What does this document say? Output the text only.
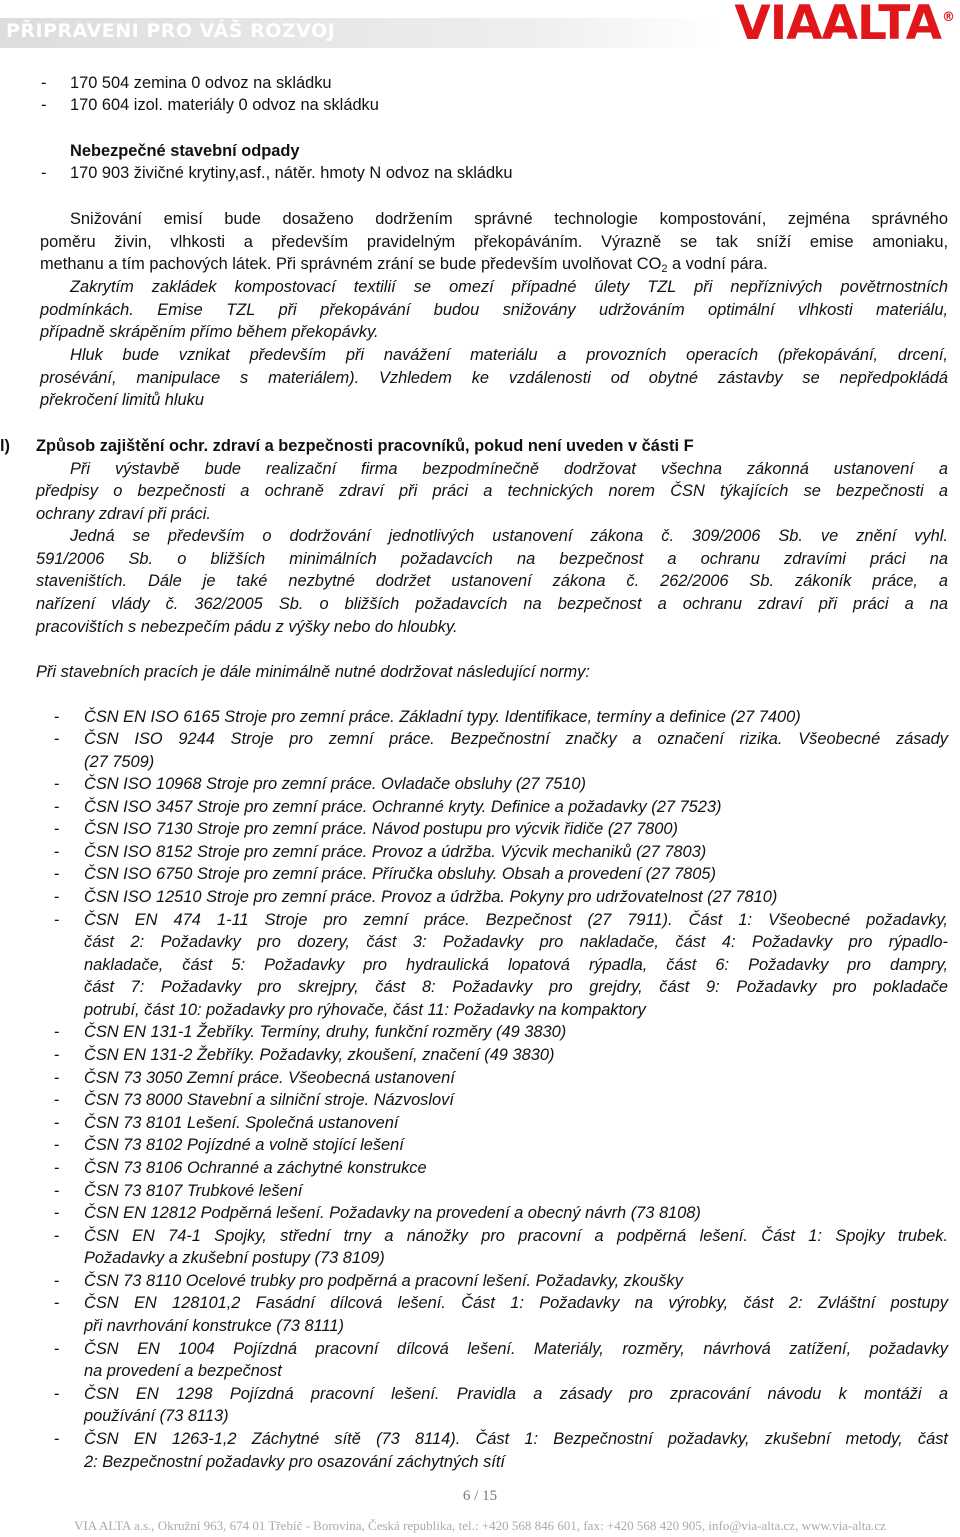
PŘIPRAVENI PRO VÁŠ ROZVOJ	VIAALTA®
- 170 504 zemina 0 odvoz na skládku
- 170 604 izol. materiály 0 odvoz na skládku
Nebezpečné stavební odpady
- 170 903 živičné krytiny,asf., nátěr. hmoty N odvoz na skládku
Snižování emisí bude dosaženo dodržením správné technologie kompostování, zejména správného
poměru živin, vlhkosti a především pravidelným překopáváním. Výrazně se tak sníží emise amoniaku,
methanu a tím pachových látek. Při správném zrání se bude především uvolňovat $CO_2$ a vodní pára.
Zakrytím zakládek kompostovací textilií se omezí případné úlety TZL při nepříznivých povětrnostních
podmínkách. Emise TZL při překopávání budou snižovány udržováním optimální vlhkosti materiálu,
případně skrápěním přímo během překopávky.
Hluk bude vznikat především při navážení materiálu a provozních operacích (překopávání, drcení,
prosévání, manipulace s materiálem). Vzhledem ke vzdálenosti od obytné zástavby se nepředpokládá
překročení limitů hluku
l) Způsob zajištění ochr. zdraví a bezpečnosti pracovníků, pokud není uveden v části F
Při výstavbě bude realizační firma bezpodmínečně dodržovat všechna zákonná ustanovení a
předpisy o bezpečnosti a ochraně zdraví při práci a technických norem ČSN týkajících se bezpečnosti a
ochrany zdraví při práci.
Jedná se především o dodržování jednotlivých ustanovení zákona č. 309/2006 Sb. ve znění vyhl.
591/2006 Sb. o bližších minimálních požadavcích na bezpečnost a ochranu zdravími práci na
staveništích. Dále je také nezbytné dodržet ustanovení zákona č. 262/2006 Sb. zákoník práce, a
nařízení vlády č. 362/2005 Sb. o bližších požadavcích na bezpečnost a ochranu zdraví při práci a na
pracovištích s nebezpečím pádu z výšky nebo do hloubky.
Při stavebních pracích je dále minimálně nutné dodržovat následující normy:
- ČSN EN ISO 6165 Stroje pro zemní práce. Základní typy. Identifikace, termíny a definice (27 7400)
- ČSN ISO 9244 Stroje pro zemní práce. Bezpečnostní značky a označení rizika. Všeobecné zásady
(27 7509)
- ČSN ISO 10968 Stroje pro zemní práce. Ovladače obsluhy (27 7510)
- ČSN ISO 3457 Stroje pro zemní práce. Ochranné kryty. Definice a požadavky (27 7523)
- ČSN ISO 7130 Stroje pro zemní práce. Návod postupu pro výcvik řidiče (27 7800)
- ČSN ISO 8152 Stroje pro zemní práce. Provoz a údržba. Výcvik mechaniků (27 7803)
- ČSN ISO 6750 Stroje pro zemní práce. Příručka obsluhy. Obsah a provedení (27 7805)
- ČSN ISO 12510 Stroje pro zemní práce. Provoz a údržba. Pokyny pro udržovatelnost (27 7810)
- ČSN EN 474 1-11 Stroje pro zemní práce. Bezpečnost (27 7911). Část 1: Všeobecné požadavky,
část 2: Požadavky pro dozery, část 3: Požadavky pro nakladače, část 4: Požadavky pro rýpadlo-
nakladače, část 5: Požadavky pro hydraulická lopatová rýpadla, část 6: Požadavky pro dampry,
část 7: Požadavky pro skrejpry, část 8: Požadavky pro grejdry, část 9: Požadavky pro pokladače
potrubí, část 10: požadavky pro rýhovače, část 11: Požadavky na kompaktory
- ČSN EN 131-1 Žebříky. Termíny, druhy, funkční rozměry (49 3830)
- ČSN EN 131-2 Žebříky. Požadavky, zkoušení, značení (49 3830)
- ČSN 73 3050 Zemní práce. Všeobecná ustanovení
- ČSN 73 8000 Stavební a silniční stroje. Názvosloví
- ČSN 73 8101 Lešení. Společná ustanovení
- ČSN 73 8102 Pojízdné a volně stojící lešení
- ČSN 73 8106 Ochranné a záchytné konstrukce
- ČSN 73 8107 Trubkové lešení
- ČSN EN 12812 Podpěrná lešení. Požadavky na provedení a obecný návrh (73 8108)
- ČSN EN 74-1 Spojky, střední trny a nánožky pro pracovní a podpěrná lešení. Část 1: Spojky trubek.
Požadavky a zkušební postupy (73 8109)
- ČSN 73 8110 Ocelové trubky pro podpěrná a pracovní lešení. Požadavky, zkoušky
- ČSN EN 128101,2 Fasádní dílcová lešení. Část 1: Požadavky na výrobky, část 2: Zvláštní postupy
při navrhování konstrukce (73 8111)
- ČSN EN 1004 Pojízdná pracovní dílcová lešení. Materiály, rozměry, návrhová zatížení, požadavky
na provedení a bezpečnost
- ČSN EN 1298 Pojízdná pracovní lešení. Pravidla a zásady pro zpracování návodu k montáži a
používání (73 8113)
- ČSN EN 1263-1,2 Záchytné sítě (73 8114). Část 1: Bezpečnostní požadavky, zkušební metody, část
2: Bezpečnostní požadavky pro osazování záchytných sítí
6 / 15
VIA ALTA a.s., Okružní 963, 674 01 Třebíč - Borovina, Česká republika, tel.: +420 568 846 601, fax: +420 568 420 905, info@via-alta.cz, www.via-alta.cz
